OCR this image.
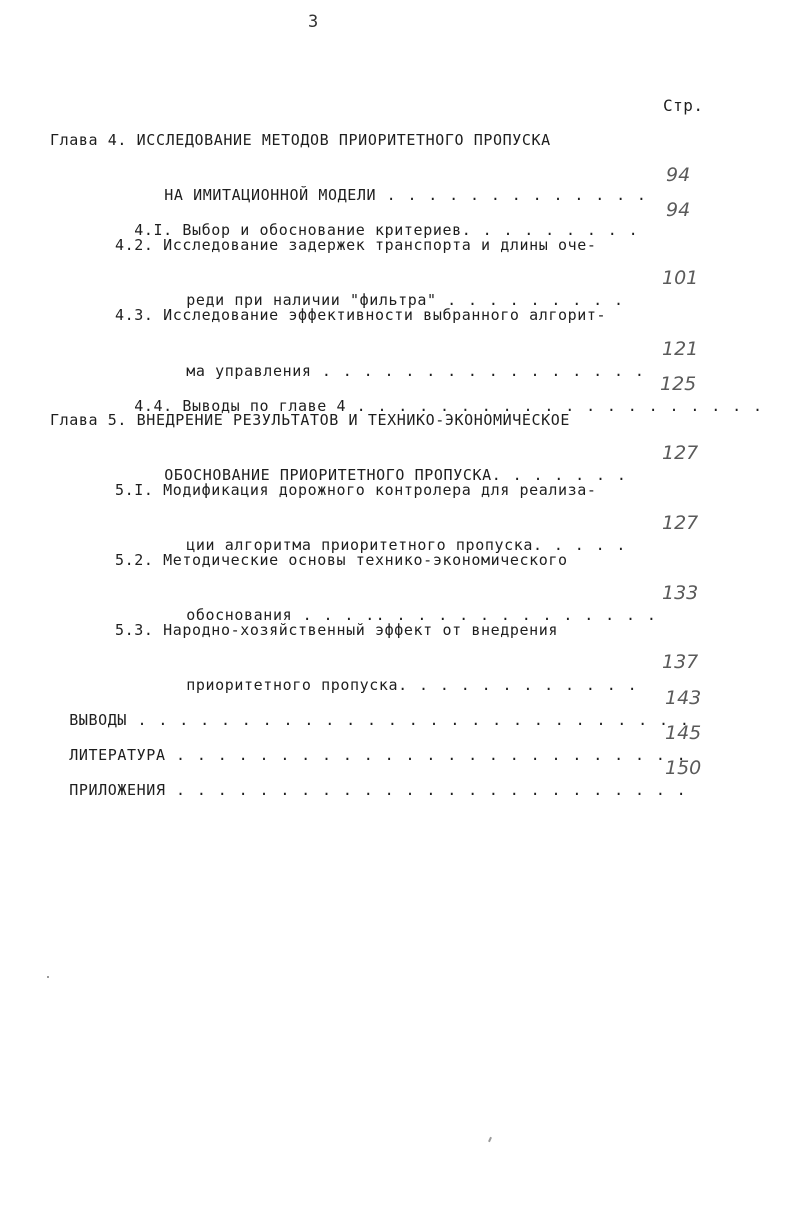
3
Стр.
Глава 4. ИССЛЕДОВАНИЕ МЕТОДОВ ПРИОРИТЕТНОГО ПРОПУСКА

НА ИМИТАЦИОННОЙ МОДЕЛИ . . . . . . . . . . . . .

94

4.I. Выбор и обоснование критериев. . . . . . . . .

94
4.2. Исследование задержек транспорта и длины оче-

реди при наличии "фильтра" . . . . . . . . .

101
4.3. Исследование эффективности выбранного алгорит-

ма управления . . . . . . . . . . . . . . . .

121

4.4. Выводы по главе 4 . . . . . . . . . . . . . . . . . . . .

125
Глава 5. ВНЕДРЕНИЕ РЕЗУЛЬТАТОВ И ТЕХНИКО-ЭКОНОМИЧЕСКОЕ

ОБОСНОВАНИЕ ПРИОРИТЕТНОГО ПРОПУСКА. . . . . . .

127
5.I. Модификация дорожного контролера для реализа-

ции алгоритма приоритетного пропуска. . . . .

127
5.2. Методические основы технико-экономического

обоснования . . . .. . . . . . . . . . . . . .

133
5.3. Народно-хозяйственный эффект от внедрения

приоритетного пропуска. . . . . . . . . . . .

137

ВЫВОДЫ . . . . . . . . . . . . . . . . . . . . . . . . . . .

143

ЛИТЕРАТУРА . . . . . . . . . . . . . . . . . . . . . . . . .

145

ПРИЛОЖЕНИЯ . . . . . . . . . . . . . . . . . . . . . . . . .

150
